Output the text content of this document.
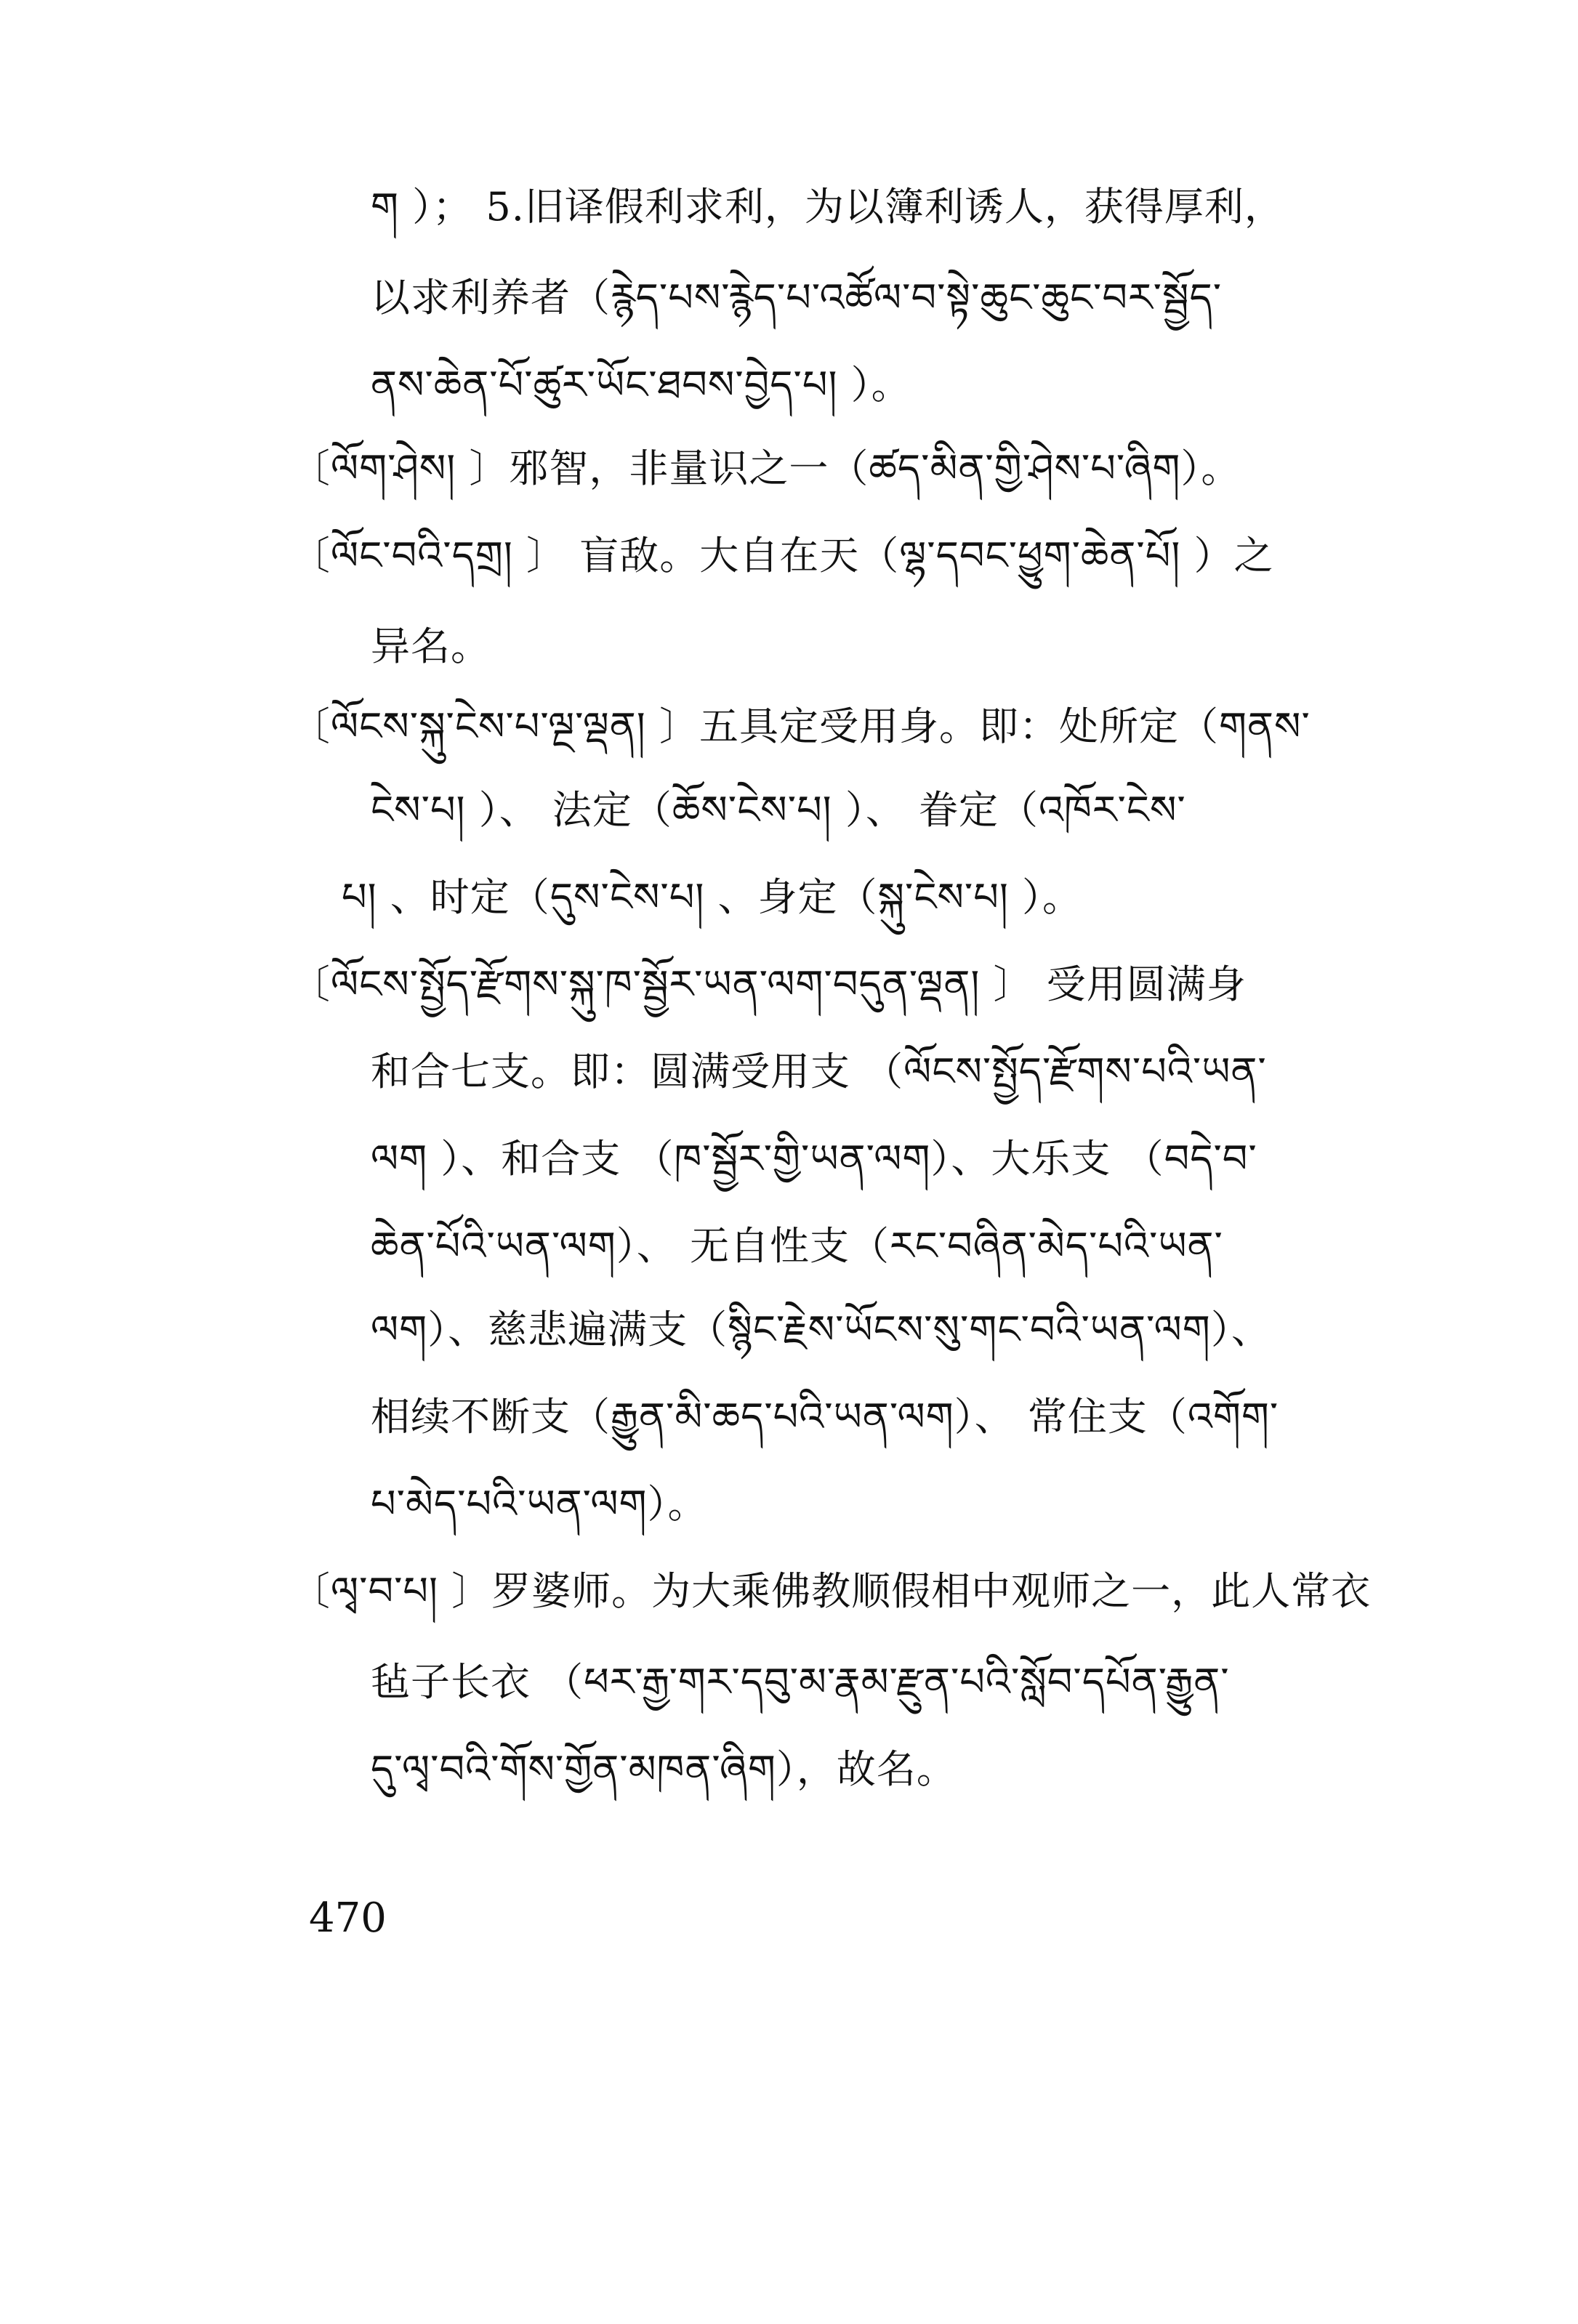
ག ）； 5.旧译假利求利，为以簿利诱人，获得厚利，
以求利养者（རྙེད་པས་རྙེད་པ་འཚོལ་བ་སྟེ་ཆུང་ཆུང་བར་སྦྱོད་
ནས་ཆེན་པོ་ཚུར་ཡོང་ཐབས་བྱེད་པ། ）。
〔ལོག་ཤེས། 〕邪智，非量识之一（ཚད་མིན་གྱི་ཤེས་པ་ཞིག）。
〔ལོང་བའི་དགྲ། 〕 盲敌。大自在天（ལྷ་དབང་ཕྱུག་ཆེན་པོ། ）之
异名。
〔ལོངས་སྐུ་ངེས་པ་ལྔ་ལྡན། 〕五具定受用身。即：处所定（གནས་
ངེས་པ། ）、 法定（ཆོས་ངེས་པ། ）、 眷定（འཁོར་ངེས་
པ། 、时定（དུས་ངེས་པ། 、身定（སྐུ་ངེས་པ། ）。
〔ལོངས་སྤྱོད་རྫོགས་སྐུ་ཁ་སྦྱོར་ཡན་ལག་བདུན་ལྡན། 〕 受用圆满身
和合七支。即：圆满受用支 （ལོངས་སྤྱོད་རྫོགས་པའི་ཡན་
ལག ）、和合支 （ཁ་སྦྱོར་གྱི་ཡན་ལག）、大乐支 （བདེ་བ་
ཆེན་པོའི་ཡན་ལག）、 无自性支（རང་བཞིན་མེད་པའི་ཡན་
ལག）、慈悲遍满支（སྙིང་རྗེས་ཡོངས་སུ་གང་བའི་ཡན་ལག）、
相续不断支（རྒྱུན་མི་ཆད་པའི་ཡན་ལག）、 常住支（འགོག་
པ་མེད་པའི་ཡན་ལག）。
〔ལྭ་བ་པ། 〕罗婆师。为大乘佛教顺假相中观师之一，此人常衣
毡子长衣 （ཕར་རྒྱ་གར་དབུ་མ་རྣམ་རྫུན་པའི་སློབ་དཔོན་རྒྱུན་
དུ་ལྭ་བའི་གོས་གྱོན་མཁན་ཞིག），故名。
470
